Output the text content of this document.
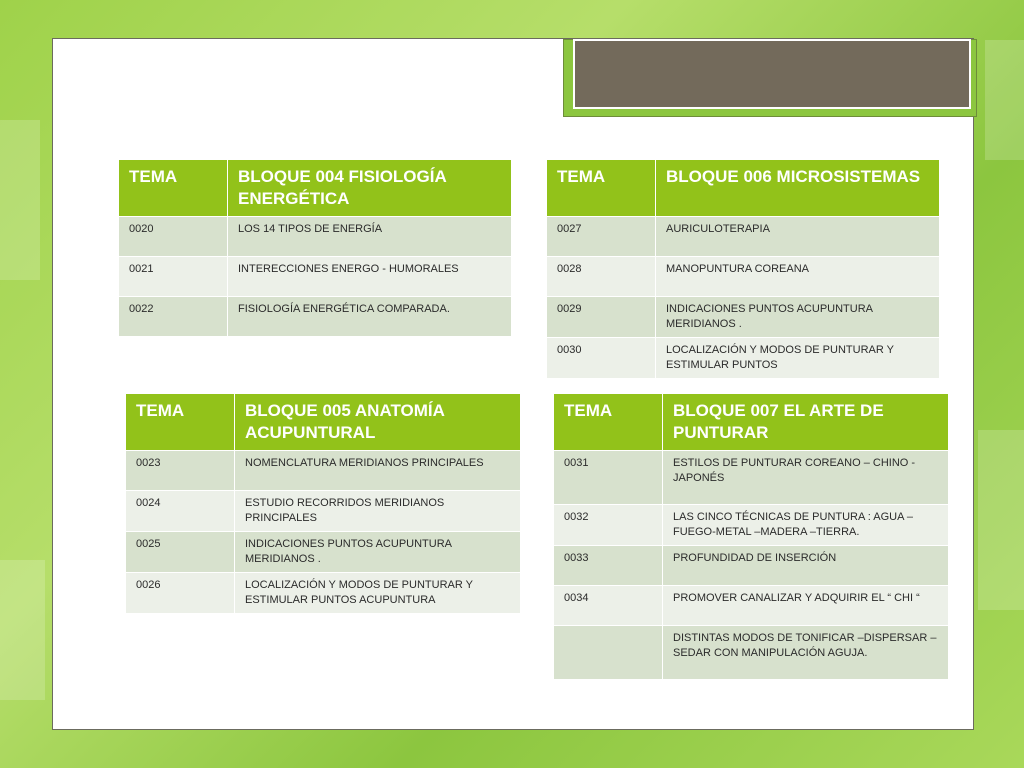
TEMA	BLOQUE 004 FISIOLOGÍA ENERGÉTICA
0020	LOS 14 TIPOS DE ENERGÍA
0021	INTERECCIONES ENERGO - HUMORALES
0022	FISIOLOGÍA ENERGÉTICA COMPARADA.
TEMA	BLOQUE 006 MICROSISTEMAS
0027	AURICULOTERAPIA
0028	MANOPUNTURA COREANA
0029	INDICACIONES PUNTOS ACUPUNTURA MERIDIANOS .
0030	LOCALIZACIÓN Y MODOS DE PUNTURAR Y ESTIMULAR PUNTOS
TEMA	BLOQUE 005 ANATOMÍA ACUPUNTURAL
0023	NOMENCLATURA MERIDIANOS PRINCIPALES
0024	ESTUDIO RECORRIDOS MERIDIANOS PRINCIPALES
0025	INDICACIONES PUNTOS ACUPUNTURA MERIDIANOS .
0026	LOCALIZACIÓN Y MODOS DE PUNTURAR Y ESTIMULAR PUNTOS ACUPUNTURA
TEMA	BLOQUE 007 EL ARTE DE PUNTURAR
0031	ESTILOS DE PUNTURAR COREANO – CHINO - JAPONÉS
0032	LAS CINCO TÉCNICAS DE PUNTURA : AGUA –FUEGO-METAL –MADERA –TIERRA.
0033	PROFUNDIDAD DE INSERCIÓN
0034	PROMOVER CANALIZAR Y ADQUIRIR EL “ CHI “
	DISTINTAS MODOS DE TONIFICAR –DISPERSAR –SEDAR CON MANIPULACIÓN AGUJA.
